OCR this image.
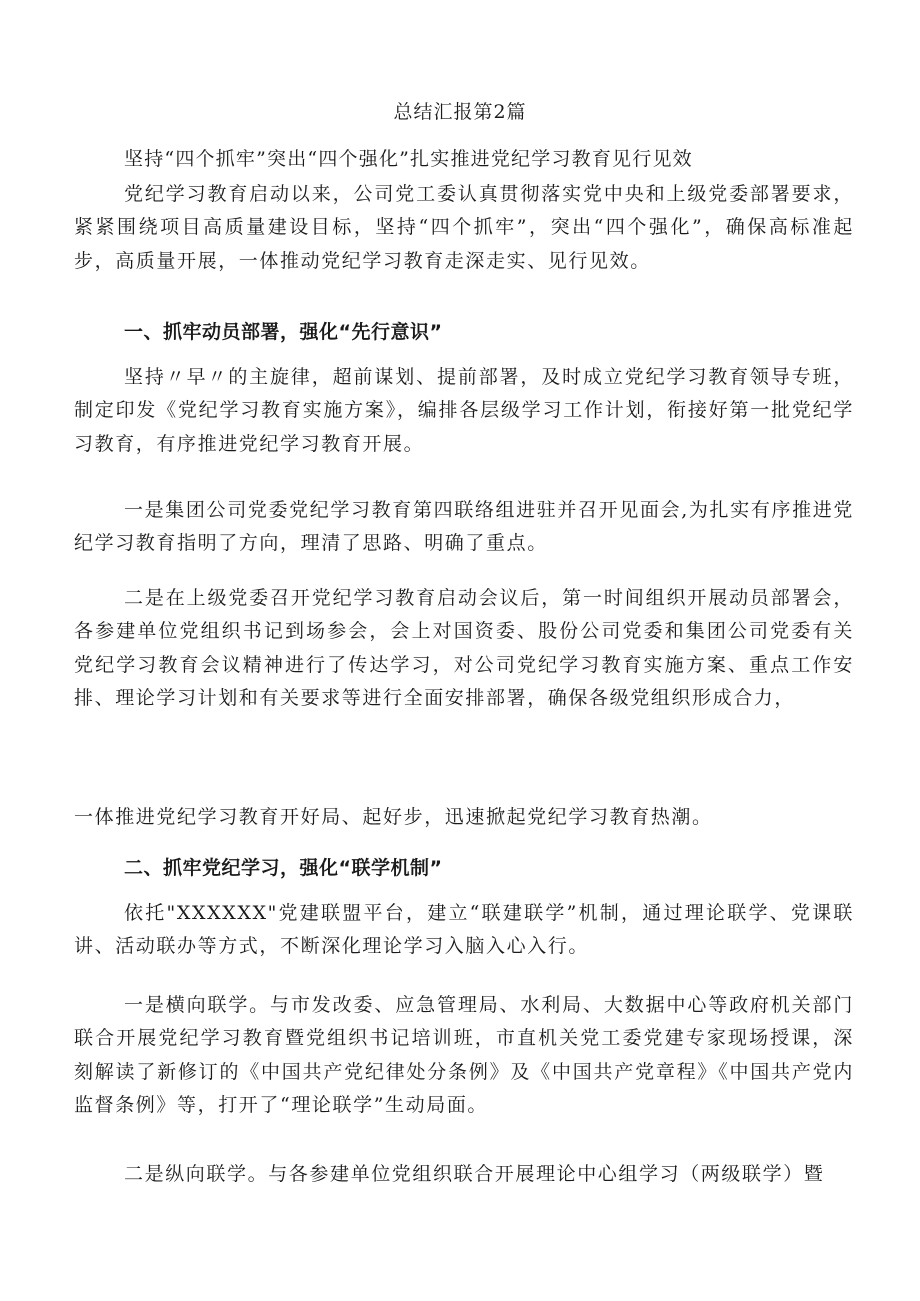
总结汇报第2篇
坚持“四个抓牢”突出“四个强化”扎实推进党纪学习教育见行见效

党纪学习教育启动以来，公司党工委认真贯彻落实党中央和上级党委部署要求，紧紧围绕项目高质量建设目标，坚持“四个抓牢”，突出“四个强化”，确保高标准起步，高质量开展，一体推动党纪学习教育走深走实、见行见效。

一、抓牢动员部署，强化“先行意识”

坚持〃早〃的主旋律，超前谋划、提前部署，及时成立党纪学习教育领导专班，制定印发《党纪学习教育实施方案》，编排各层级学习工作计划，衔接好第一批党纪学习教育，有序推进党纪学习教育开展。

一是集团公司党委党纪学习教育第四联络组进驻并召开见面会,为扎实有序推进党纪学习教育指明了方向，理清了思路、明确了重点。

二是在上级党委召开党纪学习教育启动会议后，第一时间组织开展动员部署会，各参建单位党组织书记到场参会，会上对国资委、股份公司党委和集团公司党委有关党纪学习教育会议精神进行了传达学习，对公司党纪学习教育实施方案、重点工作安排、理论学习计划和有关要求等进行全面安排部署，确保各级党组织形成合力，

一体推进党纪学习教育开好局、起好步，迅速掀起党纪学习教育热潮。

二、抓牢党纪学习，强化“联学机制”

依托"XXXXXX"党建联盟平台，建立“联建联学”机制，通过理论联学、党课联讲、活动联办等方式，不断深化理论学习入脑入心入行。

一是横向联学。与市发改委、应急管理局、水利局、大数据中心等政府机关部门联合开展党纪学习教育暨党组织书记培训班，市直机关党工委党建专家现场授课，深刻解读了新修订的《中国共产党纪律处分条例》及《中国共产党章程》《中国共产党内监督条例》等，打开了“理论联学”生动局面。

二是纵向联学。与各参建单位党组织联合开展理论中心组学习（两级联学）暨
